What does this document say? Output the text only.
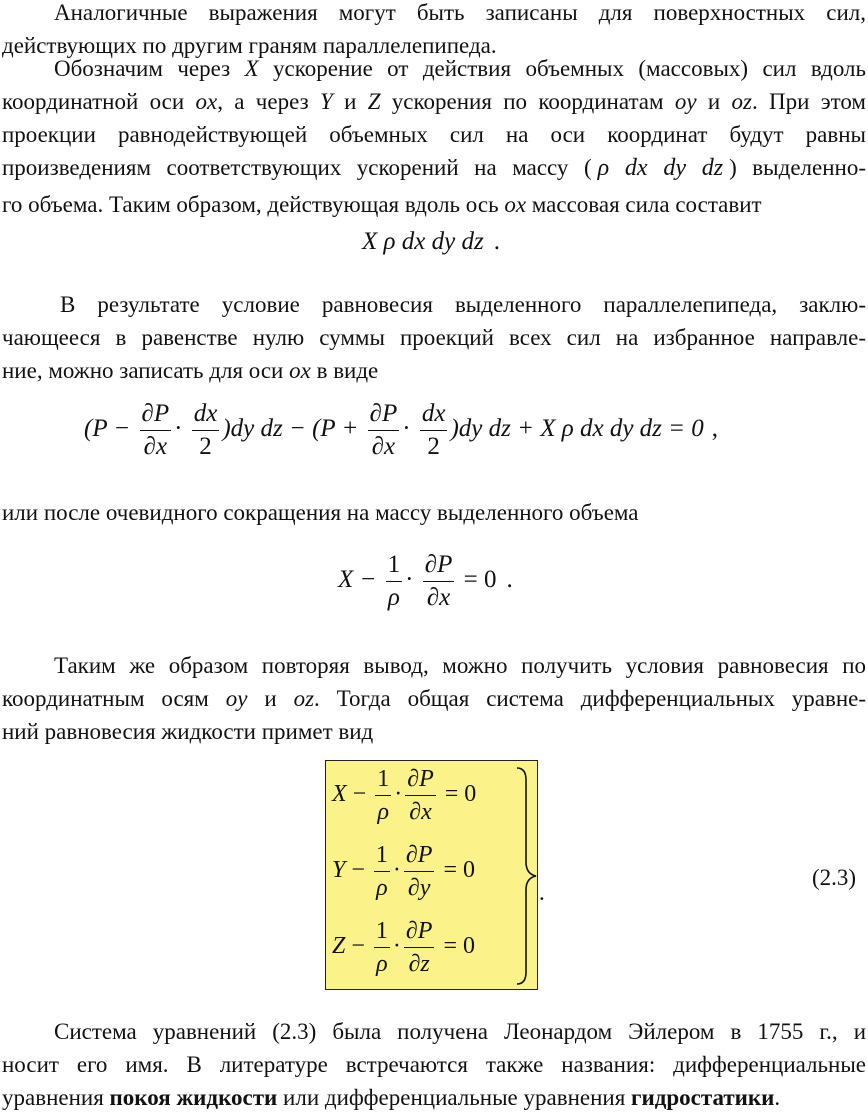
Аналогичные выражения могут быть записаны для поверхностных сил,
действующих по другим граням параллелепипеда.
Обозначим через X ускорение от действия объемных (массовых) сил вдоль
координатной оси ox, а через Y и Z ускорения по координатам oy и oz. При этом
проекции равнодействующей объемных сил на оси координат будут равны
произведениям соответствующих ускорений на массу ( ρ dx dy dz ) выделенно-
го объема. Таким образом, действующая вдоль ось ox массовая сила составит
X ρ dx dy dz .
В результате условие равновесия выделенного параллелепипеда, заклю-
чающееся в равенстве нулю суммы проекций всех сил на избранное направле-
ние, можно записать для оси ox в виде
$(P - \frac{\partial P}{\partial x} \cdot \frac{dx}{2} )dy$ dz − $(P + \frac{\partial P}{\partial x} \cdot \frac{dx}{2} )dy$ dz + X ρ dx dy dz = 0 ,
или после очевидного сокращения на массу выделенного объема
$X - \frac{1}{\rho} \cdot \frac{\partial P}{\partial x} = 0$ .
Таким же образом повторяя вывод, можно получить условия равновесия по
координатным осям oy и oz. Тогда общая система дифференциальных уравне-
ний равновесия жидкости примет вид
$X - \frac{1}{\rho} \cdot \frac{\partial P}{\partial x} = 0$
$Y - \frac{1}{\rho} \cdot \frac{\partial P}{\partial y} = 0$
$Z - \frac{1}{\rho} \cdot \frac{\partial P}{\partial z} = 0$
.
(2.3)
Система уравнений (2.3) была получена Леонардом Эйлером в 1755 г., и
носит его имя. В литературе встречаются также названия: дифференциальные
уравнения покоя жидкости или дифференциальные уравнения гидростатики.
